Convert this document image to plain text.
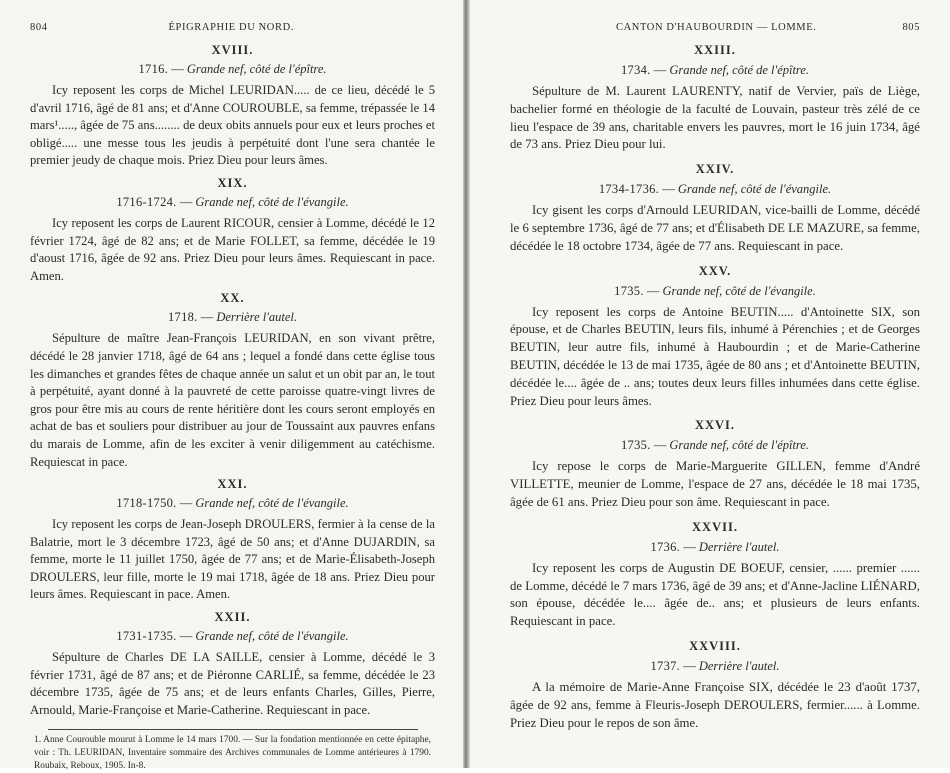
804	ÉPIGRAPHIE DU NORD.
XVIII.
1716. — Grande nef, côté de l'épître.

Icy reposent les corps de Michel LEURIDAN..... de ce lieu, décédé le 5 d'avril 1716, âgé de 81 ans; et d'Anne COUROUBLE, sa femme, trépassée le 14 mars¹....., âgée de 75 ans........ de deux obits annuels pour eux et leurs proches et obligé..... une messe tous les jeudis à perpétuité dont l'une sera chantée le premier jeudy de chaque mois. Priez Dieu pour leurs âmes.

XIX.
1716-1724. — Grande nef, côté de l'évangile.

Icy reposent les corps de Laurent RICOUR, censier à Lomme, décédé le 12 février 1724, âgé de 82 ans; et de Marie FOLLET, sa femme, décédée le 19 d'aoust 1716, âgée de 92 ans. Priez Dieu pour leurs âmes. Requiescant in pace. Amen.

XX.
1718. — Derrière l'autel.

Sépulture de maître Jean-François LEURIDAN, en son vivant prêtre, décédé le 28 janvier 1718, âgé de 64 ans ; lequel a fondé dans cette église tous les dimanches et grandes fêtes de chaque année un salut et un obit par an, le tout à perpétuité, ayant donné à la pauvreté de cette paroisse quatre-vingt livres de gros pour être mis au cours de rente héritière dont les cours seront employés en achat de bas et souliers pour distribuer au jour de Toussaint aux pauvres enfans du marais de Lomme, afin de les exciter à venir diligemment au catéchisme. Requiescat in pace.

XXI.
1718-1750. — Grande nef, côté de l'évangile.

Icy reposent les corps de Jean-Joseph DROULERS, fermier à la cense de la Balatrie, mort le 3 décembre 1723, âgé de 50 ans; et d'Anne DUJARDIN, sa femme, morte le 11 juillet 1750, âgée de 77 ans; et de Marie-Élisabeth-Joseph DROULERS, leur fille, morte le 19 mai 1718, âgée de 18 ans. Priez Dieu pour leurs âmes. Requiescant in pace. Amen.

XXII.
1731-1735. — Grande nef, côté de l'évangile.

Sépulture de Charles DE LA SAILLE, censier à Lomme, décédé le 3 février 1731, âgé de 87 ans; et de Piéronne CARLIÉ, sa femme, décédée le 23 décembre 1735, âgée de 75 ans; et de leurs enfants Charles, Gilles, Pierre, Arnould, Marie-Françoise et Marie-Catherine. Requiescant in pace.

1. Anne Courouble mourut à Lomme le 14 mars 1700. — Sur la fondation mentionnée en cette épitaphe, voir : Th. LEURIDAN, Inventaire sommaire des Archives communales de Lomme antérieures à 1790. Roubaix, Reboux, 1905. In-8.

CANTON D'HAUBOURDIN — LOMME.	805
XXIII.
1734. — Grande nef, côté de l'épître.

Sépulture de M. Laurent LAURENTY, natif de Vervier, païs de Liège, bachelier formé en théologie de la faculté de Louvain, pasteur très zélé de ce lieu l'espace de 39 ans, charitable envers les pauvres, mort le 16 juin 1734, âgé de 73 ans. Priez Dieu pour lui.

XXIV.
1734-1736. — Grande nef, côté de l'évangile.

Icy gisent les corps d'Arnould LEURIDAN, vice-bailli de Lomme, décédé le 6 septembre 1736, âgé de 77 ans; et d'Élisabeth DE LE MAZURE, sa femme, décédée le 18 octobre 1734, âgée de 77 ans. Requiescant in pace.

XXV.
1735. — Grande nef, côté de l'évangile.

Icy reposent les corps de Antoine BEUTIN..... d'Antoinette SIX, son épouse, et de Charles BEUTIN, leurs fils, inhumé à Pérenchies ; et de Georges BEUTIN, leur autre fils, inhumé à Haubourdin ; et de Marie-Catherine BEUTIN, décédée le 13 de mai 1735, âgée de 80 ans ; et d'Antoinette BEUTIN, décédée le.... âgée de .. ans; toutes deux leurs filles inhumées dans cette église. Priez Dieu pour leurs âmes.

XXVI.
1735. — Grande nef, côté de l'épître.

Icy repose le corps de Marie-Marguerite GILLEN, femme d'André VILLETTE, meunier de Lomme, l'espace de 27 ans, décédée le 18 mai 1735, âgée de 61 ans. Priez Dieu pour son âme. Requiescant in pace.

XXVII.
1736. — Derrière l'autel.

Icy reposent les corps de Augustin DE BOEUF, censier, ...... premier ...... de Lomme, décédé le 7 mars 1736, âgé de 39 ans; et d'Anne-Jacline LIÉNARD, son épouse, décédée le.... âgée de.. ans; et plusieurs de leurs enfants. Requiescant in pace.

XXVIII.
1737. — Derrière l'autel.

A la mémoire de Marie-Anne Françoise SIX, décédée le 23 d'août 1737, âgée de 92 ans, femme à Fleuris-Joseph DEROULERS, fermier...... à Lomme. Priez Dieu pour le repos de son âme.
